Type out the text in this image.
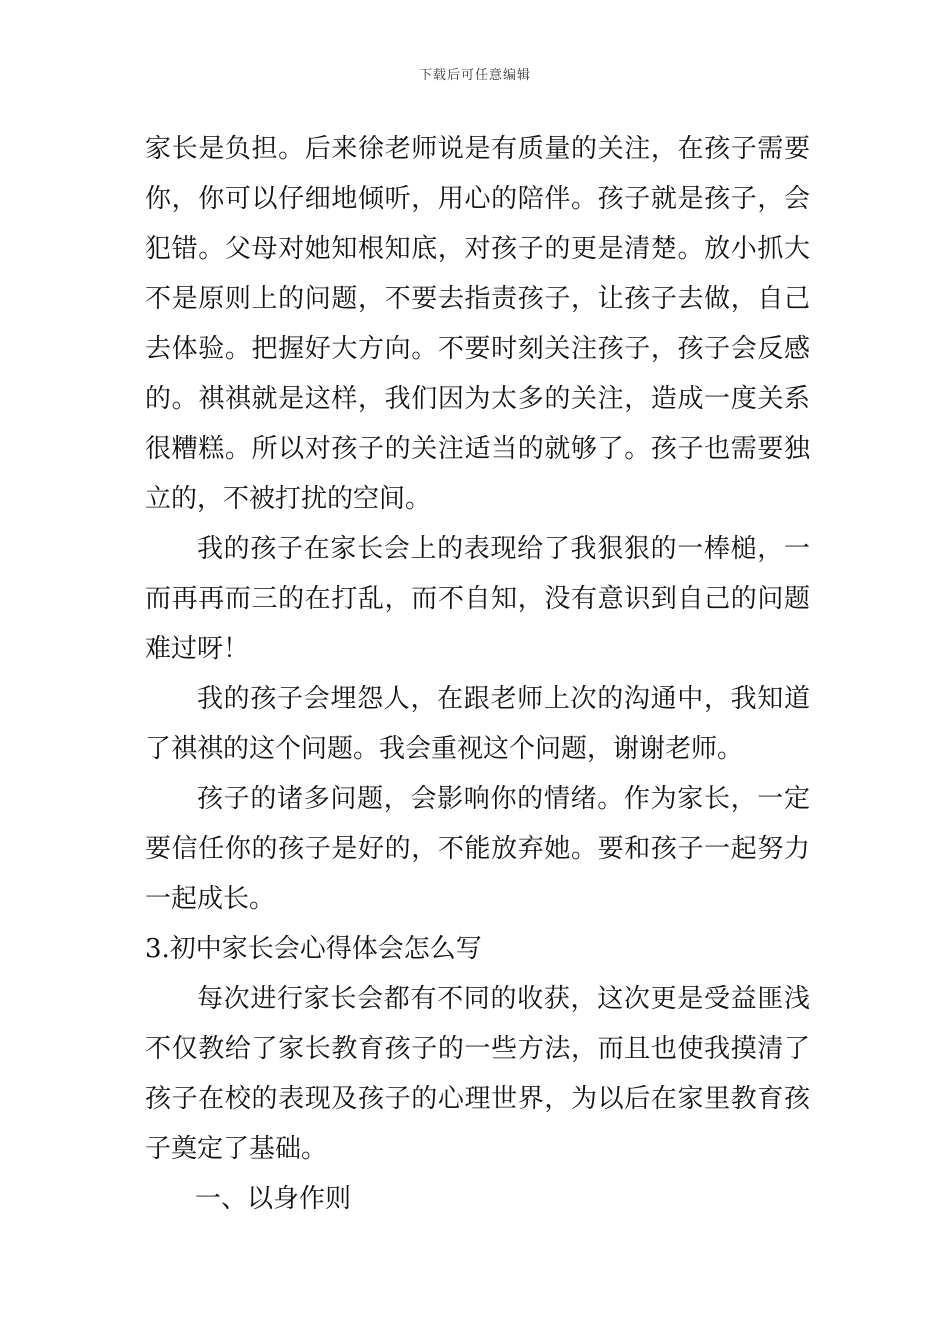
下载后可任意编辑

家长是负担。后来徐老师说是有质量的关注，在孩子需要你，你可以仔细地倾听，用心的陪伴。孩子就是孩子，会犯错。父母对她知根知底，对孩子的更是清楚。放小抓大不是原则上的问题，不要去指责孩子，让孩子去做，自己去体验。把握好大方向。不要时刻关注孩子，孩子会反感的。祺祺就是这样，我们因为太多的关注，造成一度关系很糟糕。所以对孩子的关注适当的就够了。孩子也需要独立的，不被打扰的空间。

我的孩子在家长会上的表现给了我狠狠的一棒槌，一而再再而三的在打乱，而不自知，没有意识到自己的问题难过呀！

我的孩子会埋怨人，在跟老师上次的沟通中，我知道了祺祺的这个问题。我会重视这个问题，谢谢老师。

孩子的诸多问题，会影响你的情绪。作为家长，一定要信任你的孩子是好的，不能放弃她。要和孩子一起努力一起成长。

3.初中家长会心得体会怎么写

每次进行家长会都有不同的收获，这次更是受益匪浅不仅教给了家长教育孩子的一些方法，而且也使我摸清了孩子在校的表现及孩子的心理世界，为以后在家里教育孩子奠定了基础。

一、以身作则
